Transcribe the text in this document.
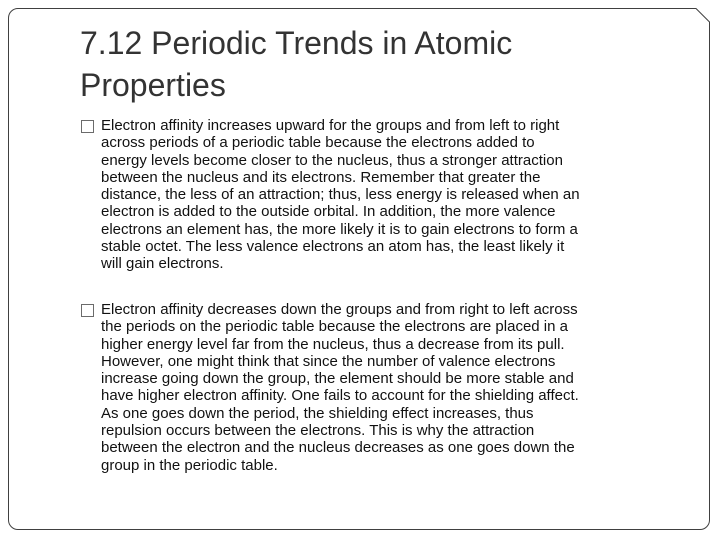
7.12 Periodic Trends in Atomic Properties

Electron affinity increases upward for the groups and from left to right
across periods of a periodic table because the electrons added to
energy levels become closer to the nucleus, thus a stronger attraction
between the nucleus and its electrons. Remember that greater the
distance, the less of an attraction; thus, less energy is released when an
electron is added to the outside orbital. In addition, the more valence
electrons an element has, the more likely it is to gain electrons to form a
stable octet. The less valence electrons an atom has, the least likely it
will gain electrons.

Electron affinity decreases down the groups and from right to left across
the periods on the periodic table because the electrons are placed in a
higher energy level far from the nucleus, thus a decrease from its pull.
However, one might think that since the number of valence electrons
increase going down the group, the element should be more stable and
have higher electron affinity. One fails to account for the shielding affect.
As one goes down the period, the shielding effect increases, thus
repulsion occurs between the electrons. This is why the attraction
between the electron and the nucleus decreases as one goes down the
group in the periodic table.
